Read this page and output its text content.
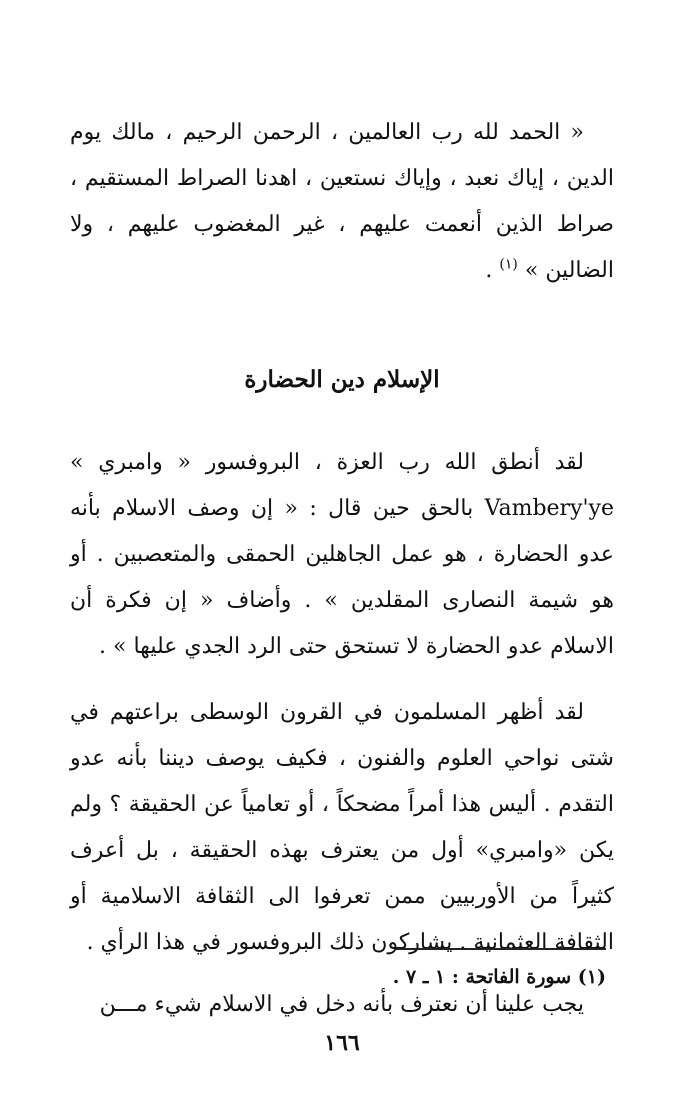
« الحمد لله رب العالمين ، الرحمن الرحيم ، مالك يوم الدين ، إياك نعبد ، وإياك نستعين ، اهدنا الصراط المستقيم ، صراط الذين أنعمت عليهم ، غير المغضوب عليهم ، ولا الضالين » $^{(١)}$ .

الإسلام دين الحضارة

لقد أنطق الله رب العزة ، البروفسور « وامبري » Vambery'ye بالحق حين قال : « إن وصف الاسلام بأنه عدو الحضارة ، هو عمل الجاهلين الحمقى والمتعصبين . أو هو شيمة النصارى المقلدين » . وأضاف « إن فكرة أن الاسلام عدو الحضارة لا تستحق حتى الرد الجدي عليها » .

لقد أظهر المسلمون في القرون الوسطى براعتهم في شتى نواحي العلوم والفنون ، فكيف يوصف ديننا بأنه عدو التقدم . أليس هذا أمراً مضحكاً ، أو تعامياً عن الحقيقة ؟ ولم يكن «وامبري» أول من يعترف بهذه الحقيقة ، بل أعرف كثيراً من الأوربيين ممن تعرفوا الى الثقافة الاسلامية أو الثقافة العثمانية . يشاركون ذلك البروفسور في هذا الرأي .

يجب علينا أن نعترف بأنه دخل في الاسلام شيء مـــن

(١) سورة الفاتحة : ١ ـ ٧ .
١٦٦
